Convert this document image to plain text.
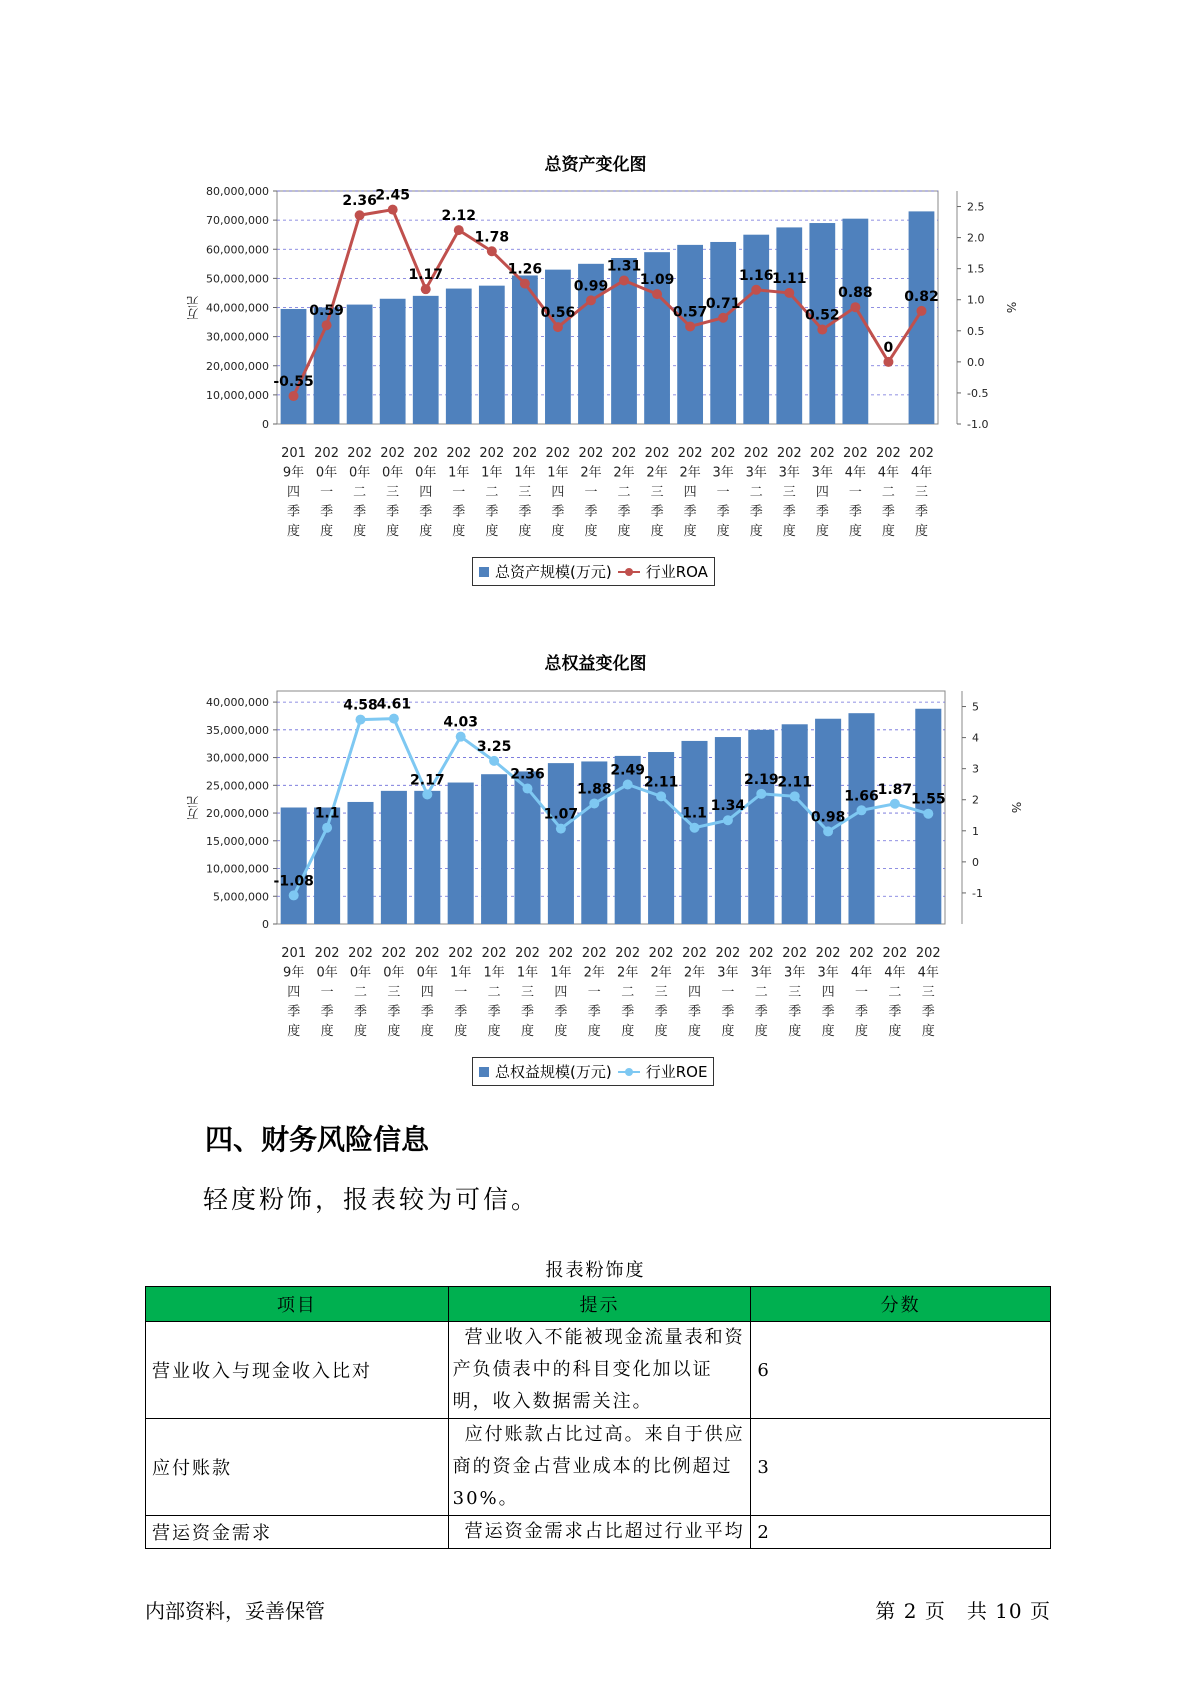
总资产变化图
万元
0
10,000,000
20,000,000
30,000,000
40,000,000
50,000,000
60,000,000
70,000,000
80,000,000
-1.0
-0.5
0.0
0.5
1.0
1.5
2.0
2.5
%
201
9年
四
季
度
202
0年
一
季
度
202
0年
二
季
度
202
0年
三
季
度
202
0年
四
季
度
202
1年
一
季
度
202
1年
二
季
度
202
1年
三
季
度
202
1年
四
季
度
202
2年
一
季
度
202
2年
二
季
度
202
2年
三
季
度
202
2年
四
季
度
202
3年
一
季
度
202
3年
二
季
度
202
3年
三
季
度
202
3年
四
季
度
202
4年
一
季
度
202
4年
二
季
度
202
4年
三
季
度
-0.55
0.59
2.36
2.45
1.17
2.12
1.78
1.26
0.56
0.99
1.31
1.09
0.57
0.71
1.16
1.11
0.52
0.88
0
0.82
总资产规模(万元) 行业ROA
总权益变化图
万元
0
5,000,000
10,000,000
15,000,000
20,000,000
25,000,000
30,000,000
35,000,000
40,000,000
-1
0
1
2
3
4
5
%
201
9年
四
季
度
202
0年
一
季
度
202
0年
二
季
度
202
0年
三
季
度
202
0年
四
季
度
202
1年
一
季
度
202
1年
二
季
度
202
1年
三
季
度
202
1年
四
季
度
202
2年
一
季
度
202
2年
二
季
度
202
2年
三
季
度
202
2年
四
季
度
202
3年
一
季
度
202
3年
二
季
度
202
3年
三
季
度
202
3年
四
季
度
202
4年
一
季
度
202
4年
二
季
度
202
4年
三
季
度
-1.08
1.1
4.58
4.61
2.17
4.03
3.25
2.36
1.07
1.88
2.49
2.11
1.1 1.34
2.19
2.11
0.98
1.66
1.87
1.55
总权益规模(万元) 行业ROE
四、财务风险信息

轻度粉饰，报表较为可信。

报表粉饰度
项目	提示	分数
营业收入与现金收入比对	营业收入不能被现金流量表和资产负债表中的科目变化加以证明，收入数据需关注。	6
应付账款	应付账款占比过高。来自于供应商的资金占营业成本的比例超过30%。	3
营运资金需求	营运资金需求占比超过行业平均	2
内部资料，妥善保管	第 2 页　共 10 页
